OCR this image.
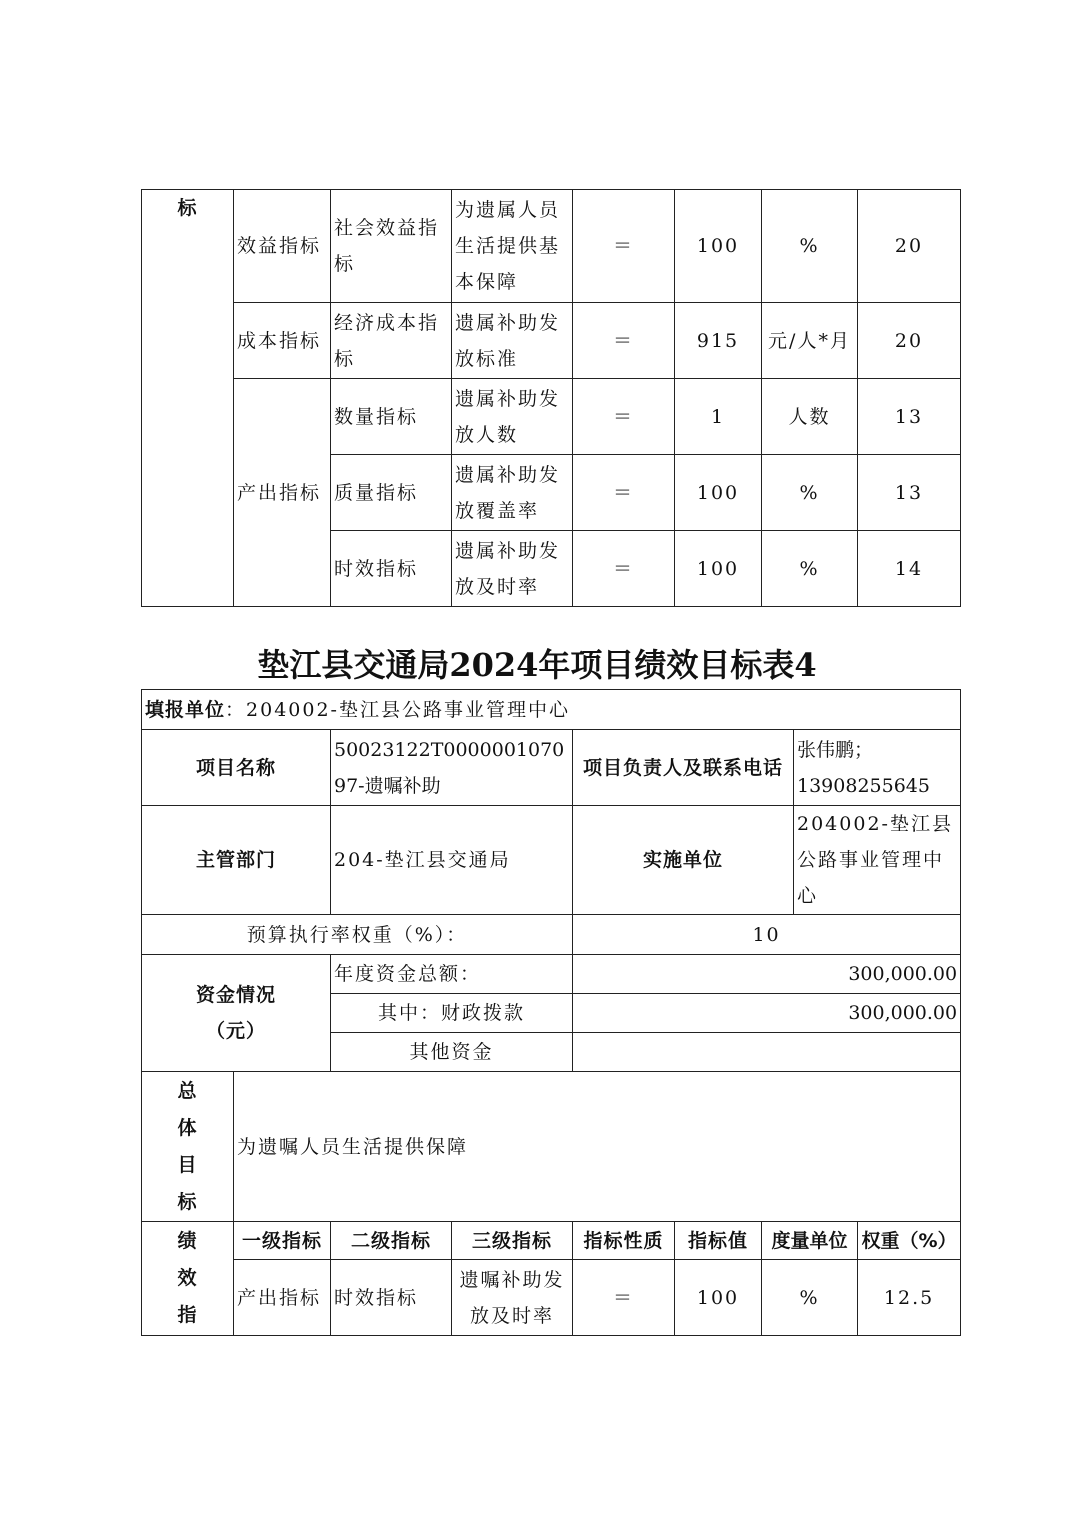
标	效益指标	社会效益指标	为遗属人员生活提供基本保障	＝	100	%	20
	成本指标	经济成本指标	遗属补助发放标准	＝	915	元/人*月	20
	产出指标	数量指标	遗属补助发放人数	＝	1	人数	13
		质量指标	遗属补助发放覆盖率	＝	100	%	13
		时效指标	遗属补助发放及时率	＝	100	%	14
垫江县交通局2024年项目绩效目标表4
填报单位：204002-垫江县公路事业管理中心								
项目名称		50023122T000000107097-遗嘱补助		项目负责人及联系电话			张伟鹏；13908255645	
主管部门		204-垫江县交通局		实施单位			204002-垫江县公路事业管理中心	
预算执行率权重（%）：				10				

资金情况
（元）		年度资金总额：		300,000.00				
		其中：财政拨款		300,000.00				
		其他资金						

总体目标	为遗嘱人员生活提供保障							

绩效指	一级指标	二级指标	三级指标	指标性质	指标值	度量单位		权重（%）
	产出指标	时效指标	遗嘱补助发放及时率	＝	100	%		12.5
